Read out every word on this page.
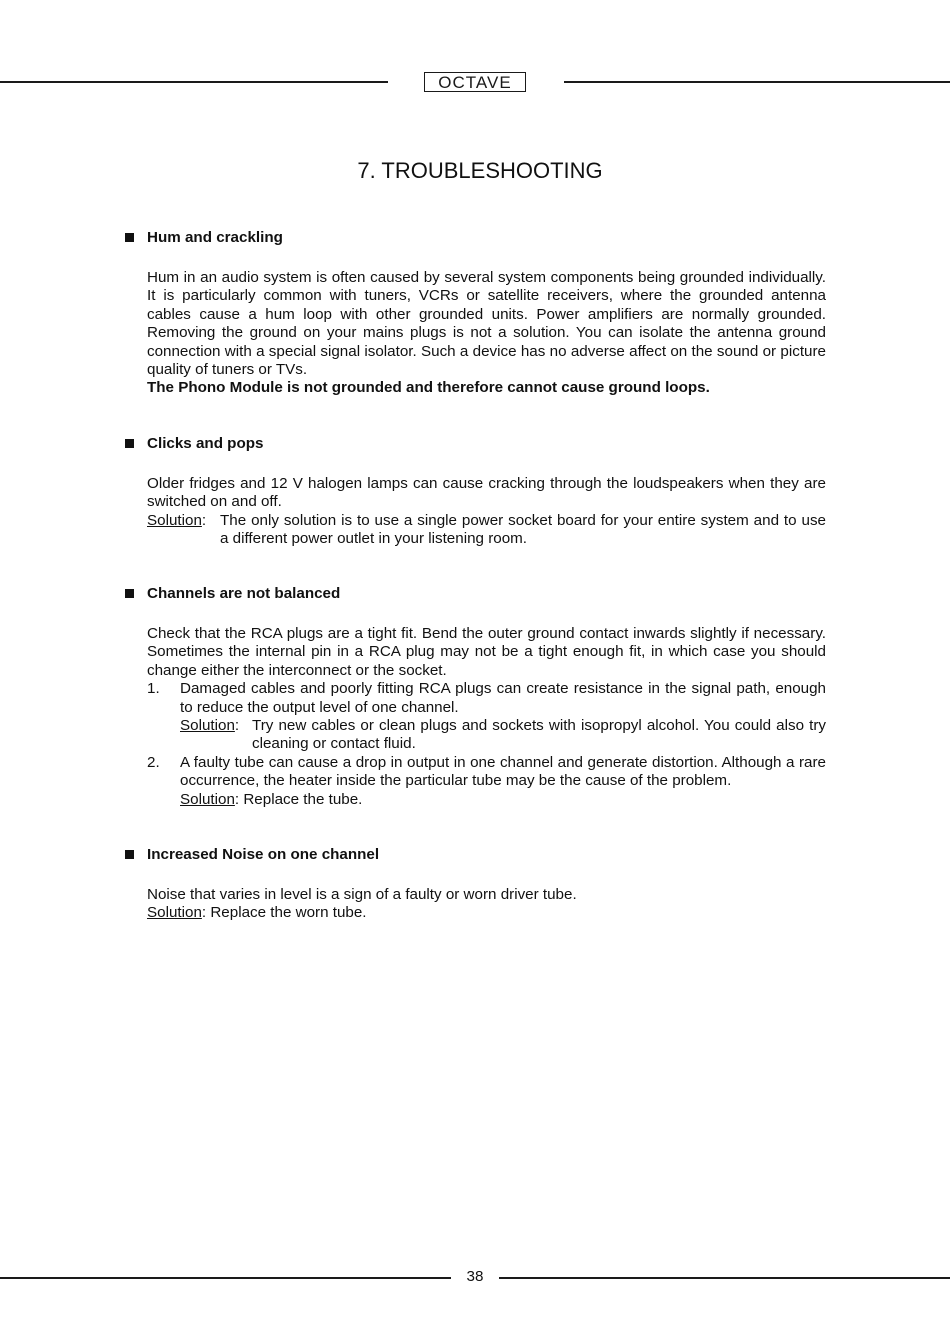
OCTAVE
7. TROUBLESHOOTING
Hum and crackling
Hum in an audio system is often caused by several system components being grounded individually. It is particularly common with tuners, VCRs or satellite receivers, where the grounded antenna cables cause a hum loop with other grounded units. Power amplifiers are normally grounded. Removing the ground on your mains plugs is not a solution. You can isolate the antenna ground connection with a special signal isolator. Such a device has no adverse affect on the sound or picture quality of tuners or TVs.
The Phono Module is not grounded and therefore cannot cause ground loops.
Clicks and pops
Older fridges and 12 V halogen lamps can cause cracking through the loudspeakers when they are switched on and off.
Solution: The only solution is to use a single power socket board for your entire system and to use a different power outlet in your listening room.
Channels are not balanced
Check that the RCA plugs are a tight fit. Bend the outer ground contact inwards slightly if necessary. Sometimes the internal pin in a RCA plug may not be a tight enough fit, in which case you should change either the interconnect or the socket.
1.	Damaged cables and poorly fitting RCA plugs can create resistance in the signal path, enough to reduce the output level of one channel.
Solution: Try new cables or clean plugs and sockets with isopropyl alcohol. You could also try cleaning or contact fluid.
2.	A faulty tube can cause a drop in output in one channel and generate distortion. Although a rare occurrence, the heater inside the particular tube may be the cause of the problem.
Solution: Replace the tube.
Increased Noise on one channel
Noise that varies in level is a sign of a faulty or worn driver tube.
Solution: Replace the worn tube.
38
